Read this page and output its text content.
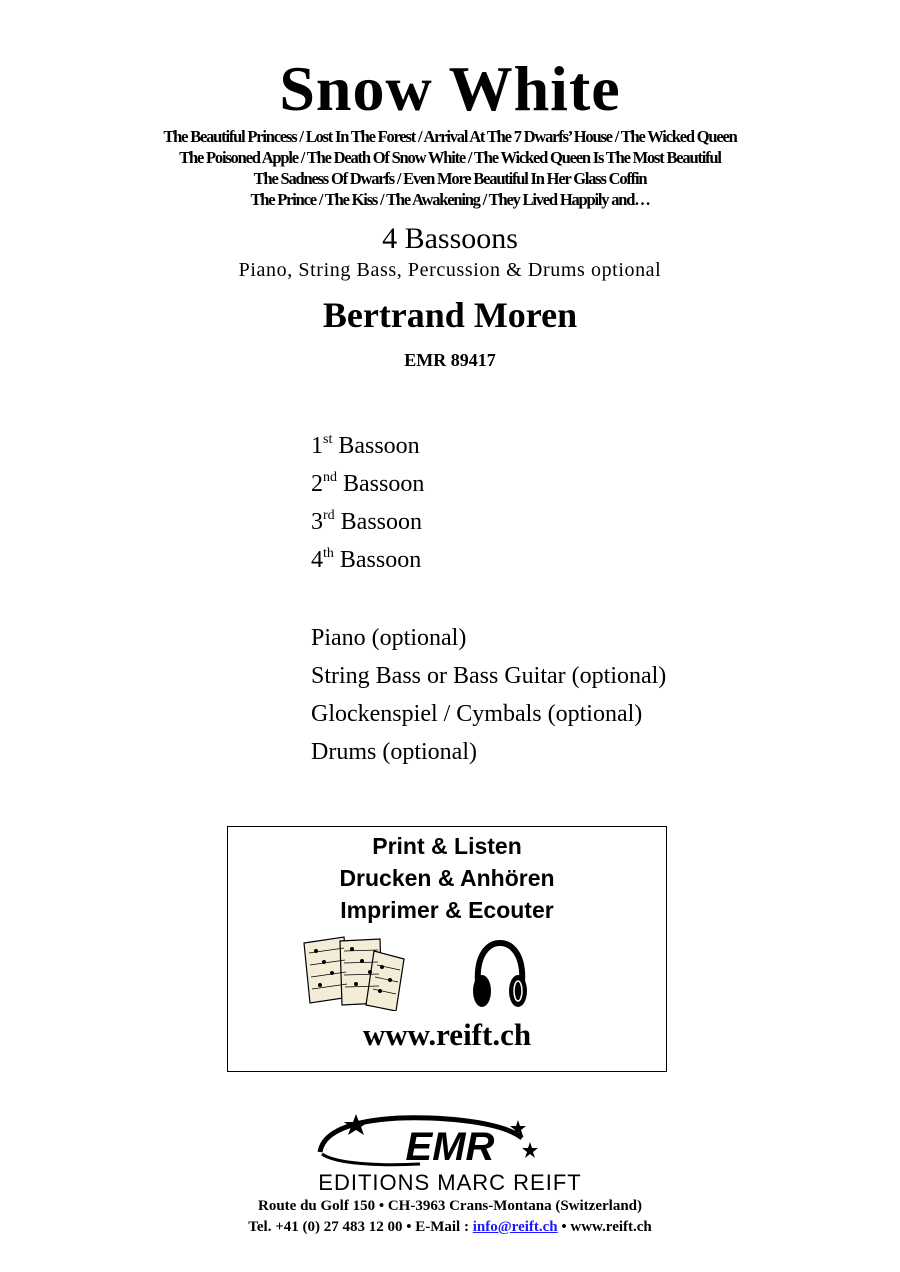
Snow White
The Beautiful Princess / Lost In The Forest / Arrival At The 7 Dwarfs’ House / The Wicked Queen
The Poisoned Apple / The Death Of Snow White / The Wicked Queen Is The Most Beautiful
The Sadness Of Dwarfs / Even More Beautiful In Her Glass Coffin
The Prince / The Kiss / The Awakening / They Lived Happily and…
4 Bassoons
Piano, String Bass, Percussion & Drums optional
Bertrand Moren
EMR 89417
1st Bassoon
2nd Bassoon
3rd Bassoon
4th Bassoon
Piano (optional)
String Bass or Bass Guitar (optional)
Glockenspiel / Cymbals (optional)
Drums (optional)
Print & Listen
Drucken & Anhören
Imprimer & Ecouter
www.reift.ch
EMR
EDITIONS MARC REIFT
Route du Golf 150 • CH-3963 Crans-Montana (Switzerland)
Tel. +41 (0) 27 483 12 00 • E-Mail : info@reift.ch • www.reift.ch
